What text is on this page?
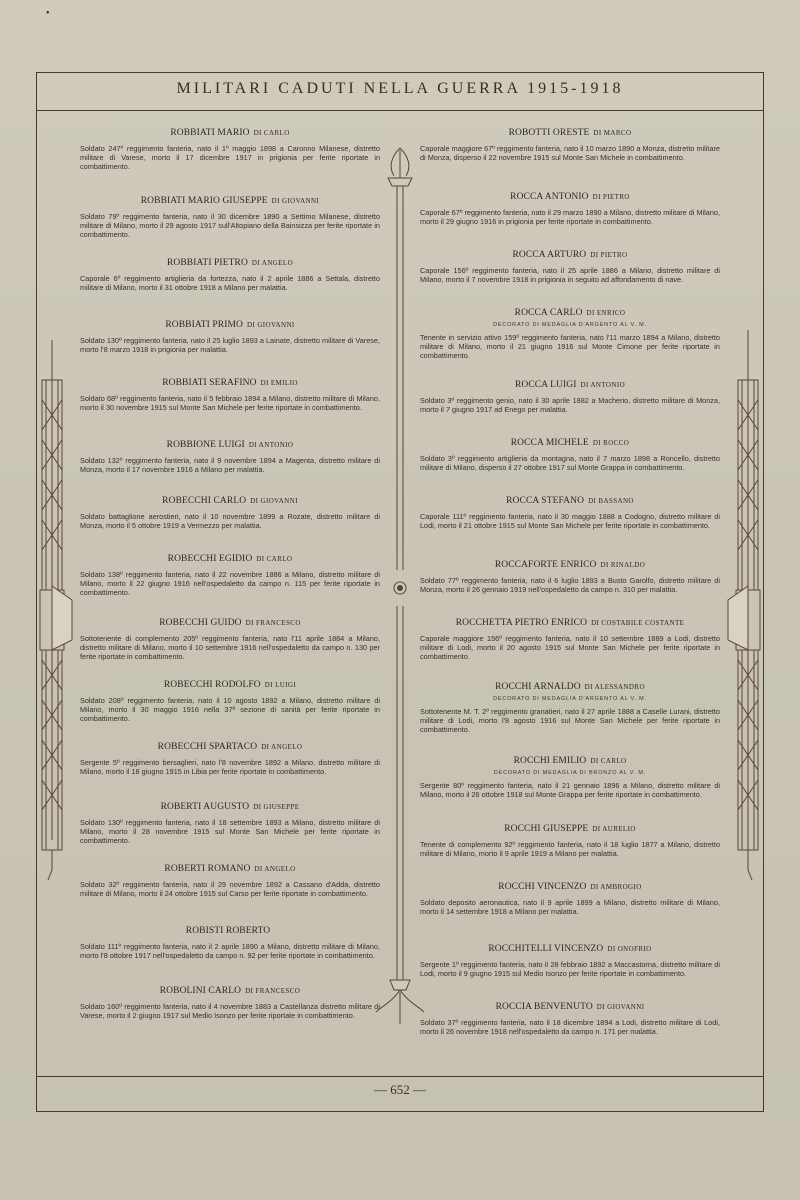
•
MILITARI CADUTI NELLA GUERRA 1915-1918
ROBBIATI MARIO DI CARLO

Soldato 247º reggimento fanteria, nato il 1º maggio 1898 a Caronno Milanese, distretto militare di Varese, morto il 17 dicembre 1917 in prigionia per ferite riportate in combattimento.

ROBBIATI MARIO GIUSEPPE DI GIOVANNI

Soldato 79º reggimento fanteria, nato il 30 dicembre 1890 a Settimo Milanese, distretto militare di Milano, morto il 29 agosto 1917 sull'Altopiano della Bainsizza per ferite riportate in combattimento.

ROBBIATI PIETRO DI ANGELO

Caporale 6º reggimento artiglieria da fortezza, nato il 2 aprile 1886 a Settala, distretto militare di Milano, morto il 31 ottobre 1918 a Milano per malattia.

ROBBIATI PRIMO DI GIOVANNI

Soldato 130º reggimento fanteria, nato il 25 luglio 1893 a Lainate, distretto militare di Varese, morto l'8 marzo 1918 in prigionia per malattia.

ROBBIATI SERAFINO DI EMILIO

Soldato 68º reggimento fanteria, nato il 5 febbraio 1894 a Milano, distretto militare di Milano, morto il 30 novembre 1915 sul Monte San Michele per ferite riportate in combattimento.

ROBBIONE LUIGI DI ANTONIO

Soldato 132º reggimento fanteria, nato il 9 novembre 1894 a Magenta, distretto militare di Monza, morto il 17 novembre 1916 a Milano per malattia.

ROBECCHI CARLO DI GIOVANNI

Soldato battaglione aerostieri, nato il 10 novembre 1899 a Rozate, distretto militare di Monza, morto il 5 ottobre 1919 a Vermezzo per malattia.

ROBECCHI EGIDIO DI CARLO

Soldato 138º reggimento fanteria, nato il 22 novembre 1886 a Milano, distretto militare di Milano, morto il 22 giugno 1916 nell'ospedaletto da campo n. 115 per ferite riportate in combattimento.

ROBECCHI GUIDO DI FRANCESCO

Sottotenente di complemento 205º reggimento fanteria, nato l'11 aprile 1884 a Milano, distretto militare di Milano, morto il 10 settembre 1916 nell'ospedaletto da campo n. 130 per ferite riportate in combattimento.

ROBECCHI RODOLFO DI LUIGI

Soldato 208º reggimento fanteria, nato il 10 agosto 1892 a Milano, distretto militare di Milano, morto il 30 maggio 1916 nella 37ª sezione di sanità per ferite riportate in combattimento.

ROBECCHI SPARTACO DI ANGELO

Sergente 5º reggimento bersaglieri, nato l'8 novembre 1892 a Milano, distretto militare di Milano, morto il 18 giugno 1915 in Libia per ferite riportate in combattimento.

ROBERTI AUGUSTO DI GIUSEPPE

Soldato 130º reggimento fanteria, nato il 18 settembre 1893 a Milano, distretto militare di Milano, morto il 28 novembre 1915 sul Monte San Michele per ferite riportate in combattimento.

ROBERTI ROMANO DI ANGELO

Soldato 32º reggimento fanteria, nato il 29 novembre 1892 a Cassano d'Adda, distretto militare di Milano, morto il 24 ottobre 1915 sul Carso per ferite riportate in combattimento.

ROBISTI ROBERTO

Soldato 111º reggimento fanteria, nato il 2 aprile 1890 a Milano, distretto militare di Milano, morto l'8 ottobre 1917 nell'ospedaletto da campo n. 92 per ferite riportate in combattimento.

ROBOLINI CARLO DI FRANCESCO

Soldato 160º reggimento fanteria, nato il 4 novembre 1883 a Castellanza distretto militare di Varese, morto il 2 giugno 1917 sul Medio Isonzo per ferite riportate in combattimento.

ROBOTTI ORESTE DI MARCO

Caporale maggiore 67º reggimento fanteria, nato il 10 marzo 1890 a Monza, distretto militare di Monza, disperso il 22 novembre 1915 sul Monte San Michele in combattimento.

ROCCA ANTONIO DI PIETRO

Caporale 67º reggimento fanteria, nato il 29 marzo 1890 a Milano, distretto militare di Milano, morto il 29 giugno 1916 in prigionia per ferite riportate in combattimento.

ROCCA ARTURO DI PIETRO

Caporale 156º reggimento fanteria, nato il 25 aprile 1886 a Milano, distretto militare di Milano, morto il 7 novembre 1918 in prigionia in seguito ad affondamento di nave.

ROCCA CARLO DI ENRICO
DECORATO DI MEDAGLIA D'ARGENTO AL V. M.

Tenente in servizio attivo 159º reggimento fanteria, nato l'11 marzo 1894 a Milano, distretto militare di Milano, morto il 21 giugno 1916 sul Monte Cimone per ferite riportate in combattimento.

ROCCA LUIGI DI ANTONIO

Soldato 3º reggimento genio, nato il 30 aprile 1882 a Macherio, distretto militare di Monza, morto il 7 giugno 1917 ad Enego per malattia.

ROCCA MICHELE DI ROCCO

Soldato 3º reggimento artiglieria da montagna, nato il 7 marzo 1898 a Roncello, distretto militare di Milano, disperso il 27 ottobre 1917 sul Monte Grappa in combattimento.

ROCCA STEFANO DI BASSANO

Caporale 111º reggimento fanteria, nato il 30 maggio 1888 a Codogno, distretto militare di Lodi, morto il 21 ottobre 1915 sul Monte San Michele per ferite riportate in combattimento.

ROCCAFORTE ENRICO DI RINALDO

Soldato 77º reggimento fanteria, nato il 6 luglio 1893 a Busto Garolfo, distretto militare di Monza, morto il 26 gennaio 1919 nell'ospedaletto da campo n. 310 per malattia.

ROCCHETTA PIETRO ENRICO DI COSTABILE COSTANTE

Caporale maggiore 156º reggimento fanteria, nato il 10 settembre 1889 a Lodi, distretto militare di Lodi, morto il 20 agosto 1915 sul Monte San Michele per ferite riportate in combattimento.

ROCCHI ARNALDO DI ALESSANDRO
DECORATO DI MEDAGLIA D'ARGENTO AL V. M.

Sottotenente M. T. 2º reggimento granatieri, nato il 27 aprile 1888 a Caselle Lurani, distretto militare di Lodi, morto l'8 agosto 1916 sul Monte San Michele per ferite riportate in combattimento.

ROCCHI EMILIO DI CARLO
DECORATO DI MEDAGLIA DI BRONZO AL V. M.

Sergente 80º reggimento fanteria, nato il 21 gennaio 1896 a Milano, distretto militare di Milano, morto il 26 ottobre 1918 sul Monte Grappa per ferite riportate in combattimento.

ROCCHI GIUSEPPE DI AURELIO

Tenente di complemento 92º reggimento fanteria, nato il 18 luglio 1877 a Milano, distretto militare di Milano, morto il 9 aprile 1919 a Milano per malattia.

ROCCHI VINCENZO DI AMBROGIO

Soldato deposito aeronautica, nato il 9 aprile 1899 a Milano, distretto militare di Milano, morto il 14 settembre 1918 a Milano per malattia.

ROCCHITELLI VINCENZO DI ONOFRIO

Sergente 1º reggimento fanteria, nato il 28 febbraio 1892 a Maccastorna, distretto militare di Lodi, morto il 9 giugno 1915 sul Medio Isonzo per ferite riportate in combattimento.

ROCCIA BENVENUTO DI GIOVANNI

Soldato 37º reggimento fanteria, nato il 18 dicembre 1894 a Lodi, distretto militare di Lodi, morto il 26 novembre 1918 nell'ospedaletto da campo n. 171 per malattia.

— 652 —
